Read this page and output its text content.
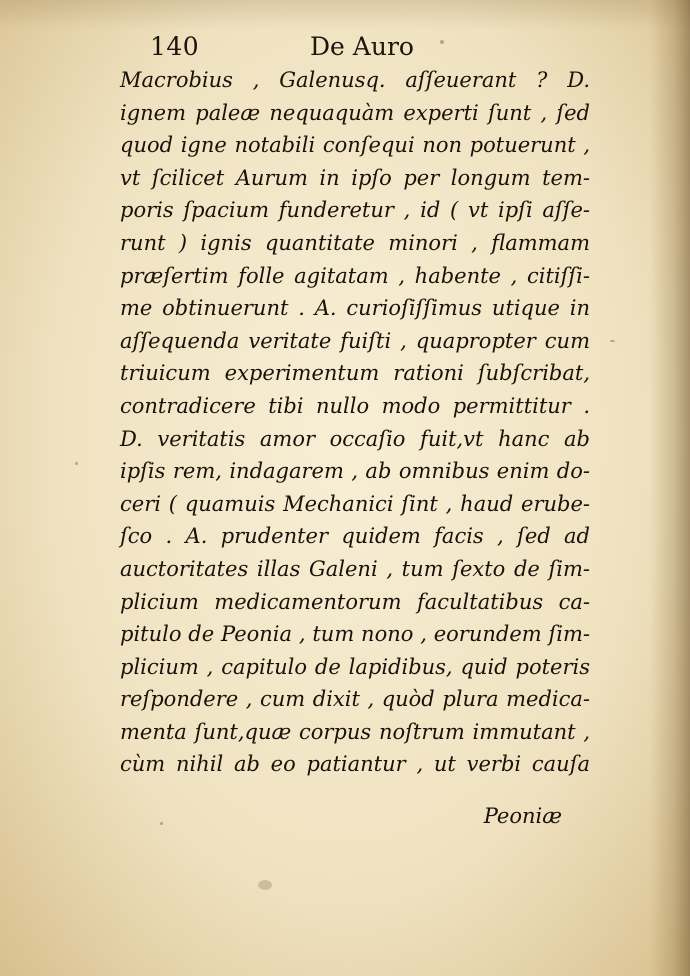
140	De Auro
Macrobius , Galenusq. aſſeuerant ? D.
ignem paleæ nequaquàm experti ſunt , ſed
quod igne notabili conſequi non potuerunt ,
vt ſcilicet Aurum in ipſo per longum tem-
poris ſpacium funderetur , id ( vt ipſi aſſe-
runt ) ignis quantitate minori , flammam
præſertim folle agitatam , habente , citiſſi-
me obtinuerunt . A. curioſiſſimus utique in
aſſequenda veritate fuiſti , quapropter cum
triuicum experimentum rationi ſubſcribat,
contradicere tibi nullo modo permittitur .
D. veritatis amor occaſio fuit,vt hanc ab
ipſis rem, indagarem , ab omnibus enim do-
ceri ( quamuis Mechanici ſint , haud erube-
ſco . A. prudenter quidem facis , ſed ad
auctoritates illas Galeni , tum ſexto de ſim-
plicium medicamentorum facultatibus ca-
pitulo de Peonia , tum nono , eorundem ſim-
plicium , capitulo de lapidibus, quid poteris
reſpondere , cum dixit , quòd plura medica-
menta ſunt,quæ corpus noſtrum immutant ,
cùm nihil ab eo patiantur , ut verbi cauſa
Peoniæ
